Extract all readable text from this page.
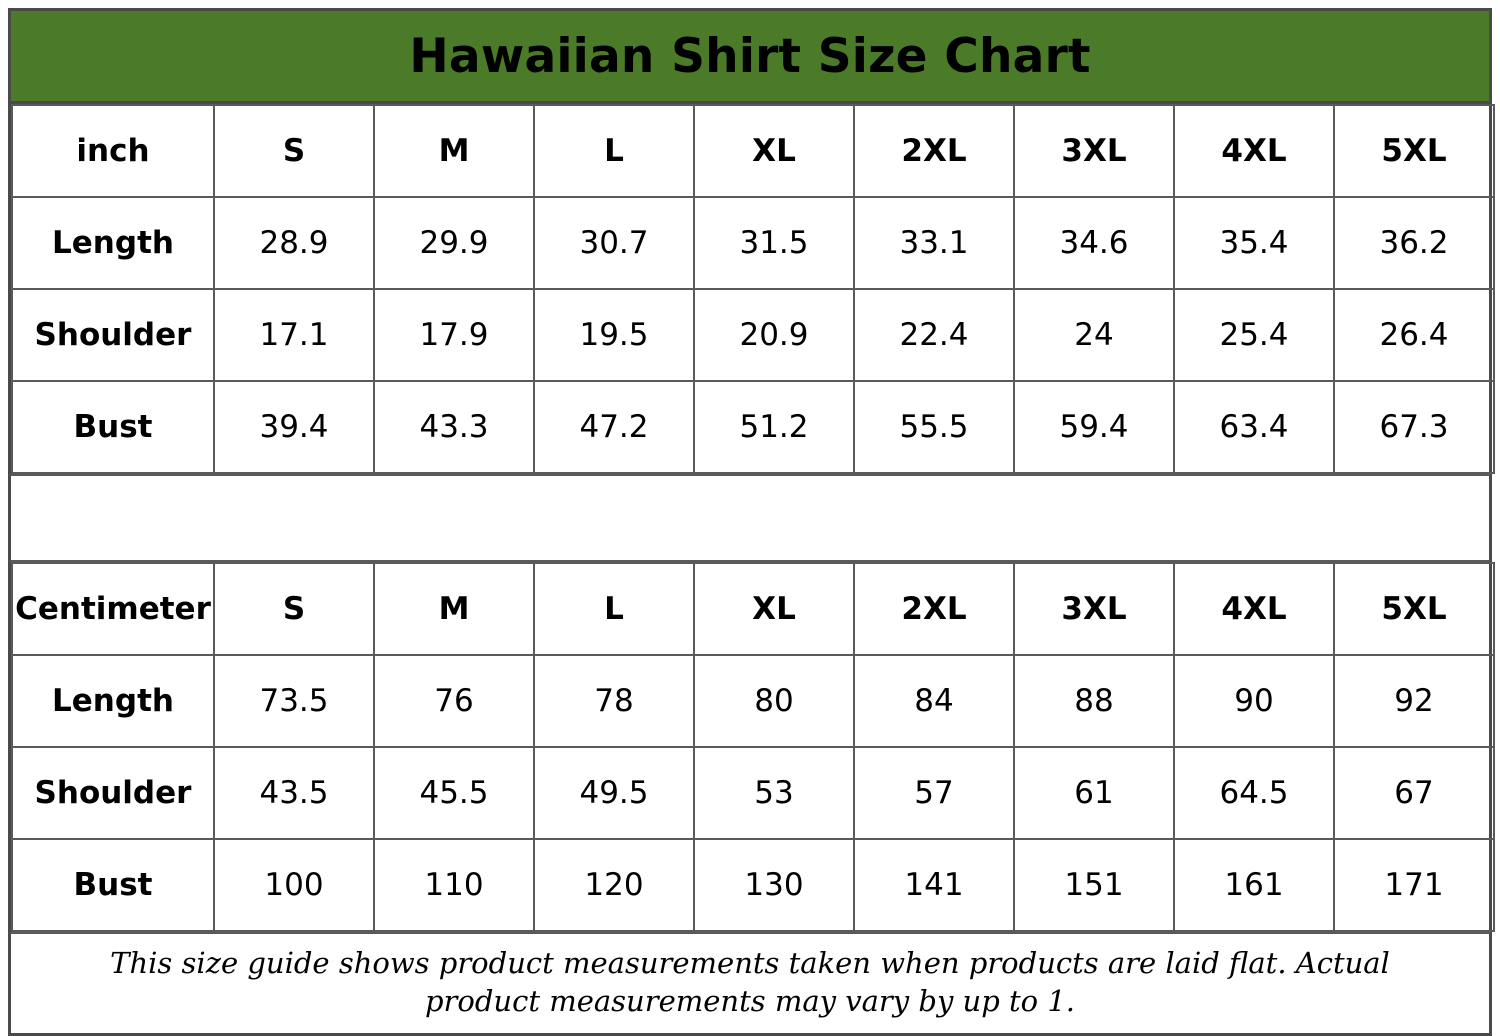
Hawaiian Shirt Size Chart
inch	S	M	L	XL	2XL	3XL	4XL	5XL
Length	28.9	29.9	30.7	31.5	33.1	34.6	35.4	36.2
Shoulder	17.1	17.9	19.5	20.9	22.4	24	25.4	26.4
Bust	39.4	43.3	47.2	51.2	55.5	59.4	63.4	67.3
Centimeter	S	M	L	XL	2XL	3XL	4XL	5XL
Length	73.5	76	78	80	84	88	90	92
Shoulder	43.5	45.5	49.5	53	57	61	64.5	67
Bust	100	110	120	130	141	151	161	171
This size guide shows product measurements taken when products are laid flat. Actual product measurements may vary by up to 1.
